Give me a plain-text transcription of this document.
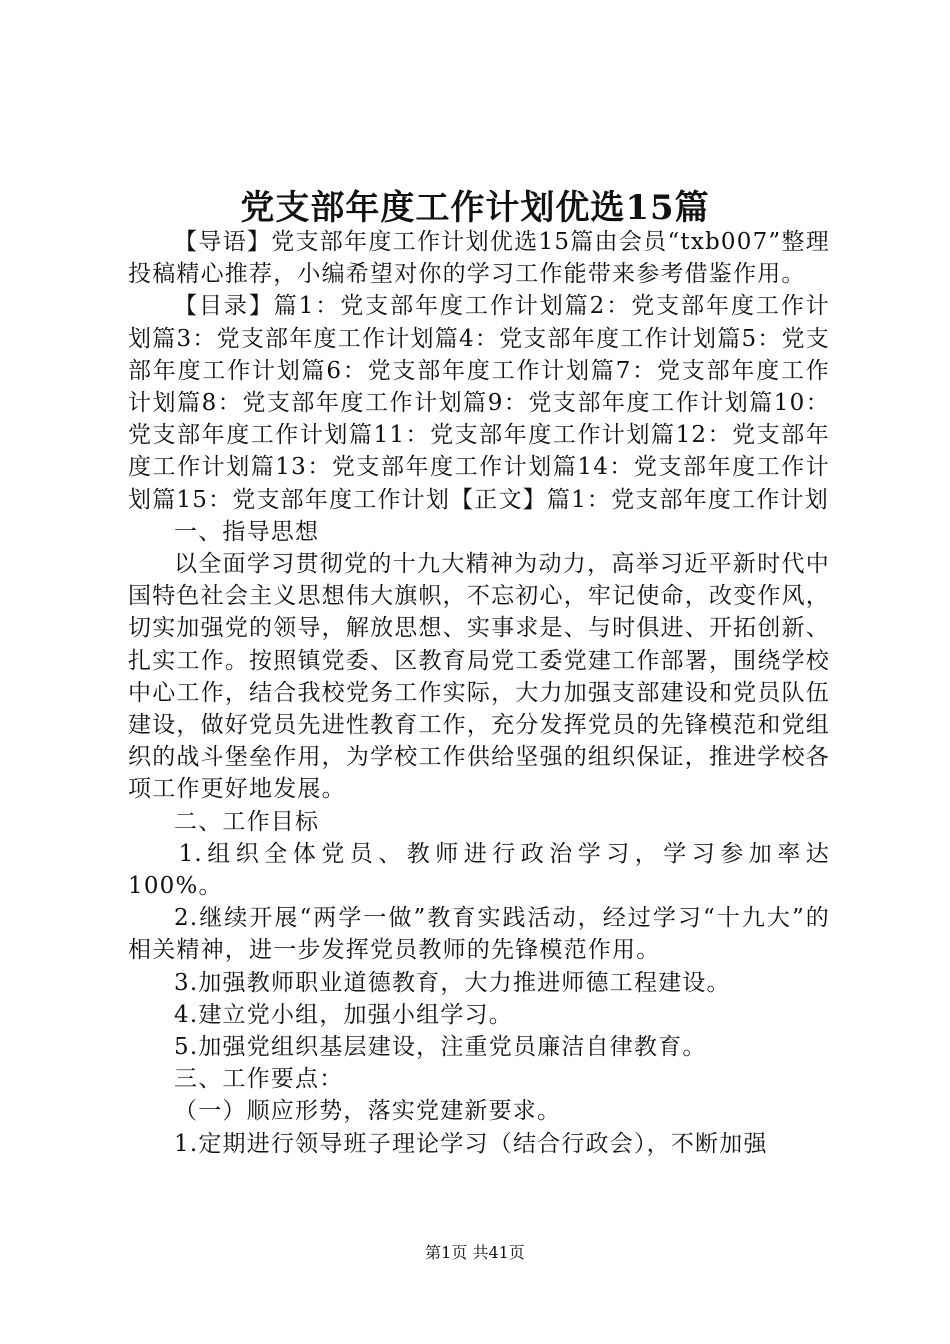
党支部年度工作计划优选15篇

【导语】党支部年度工作计划优选15篇由会员“txb007”整理投稿精心推荐，小编希望对你的学习工作能带来参考借鉴作用。

【目录】篇1：党支部年度工作计划篇2：党支部年度工作计划篇3：党支部年度工作计划篇4：党支部年度工作计划篇5：党支部年度工作计划篇6：党支部年度工作计划篇7：党支部年度工作计划篇8：党支部年度工作计划篇9：党支部年度工作计划篇10：党支部年度工作计划篇11：党支部年度工作计划篇12：党支部年度工作计划篇13：党支部年度工作计划篇14：党支部年度工作计划篇15：党支部年度工作计划【正文】篇1：党支部年度工作计划

一、指导思想

以全面学习贯彻党的十九大精神为动力，高举习近平新时代中国特色社会主义思想伟大旗帜，不忘初心，牢记使命，改变作风，切实加强党的领导，解放思想、实事求是、与时俱进、开拓创新、扎实工作。按照镇党委、区教育局党工委党建工作部署，围绕学校中心工作，结合我校党务工作实际，大力加强支部建设和党员队伍建设，做好党员先进性教育工作，充分发挥党员的先锋模范和党组织的战斗堡垒作用，为学校工作供给坚强的组织保证，推进学校各项工作更好地发展。

二、工作目标

1.组织全体党员、教师进行政治学习，学习参加率达100%。

2.继续开展“两学一做”教育实践活动，经过学习“十九大”的相关精神，进一步发挥党员教师的先锋模范作用。

3.加强教师职业道德教育，大力推进师德工程建设。

4.建立党小组，加强小组学习。

5.加强党组织基层建设，注重党员廉洁自律教育。

三、工作要点：

（一）顺应形势，落实党建新要求。

1.定期进行领导班子理论学习（结合行政会），不断加强

第1页 共41页
